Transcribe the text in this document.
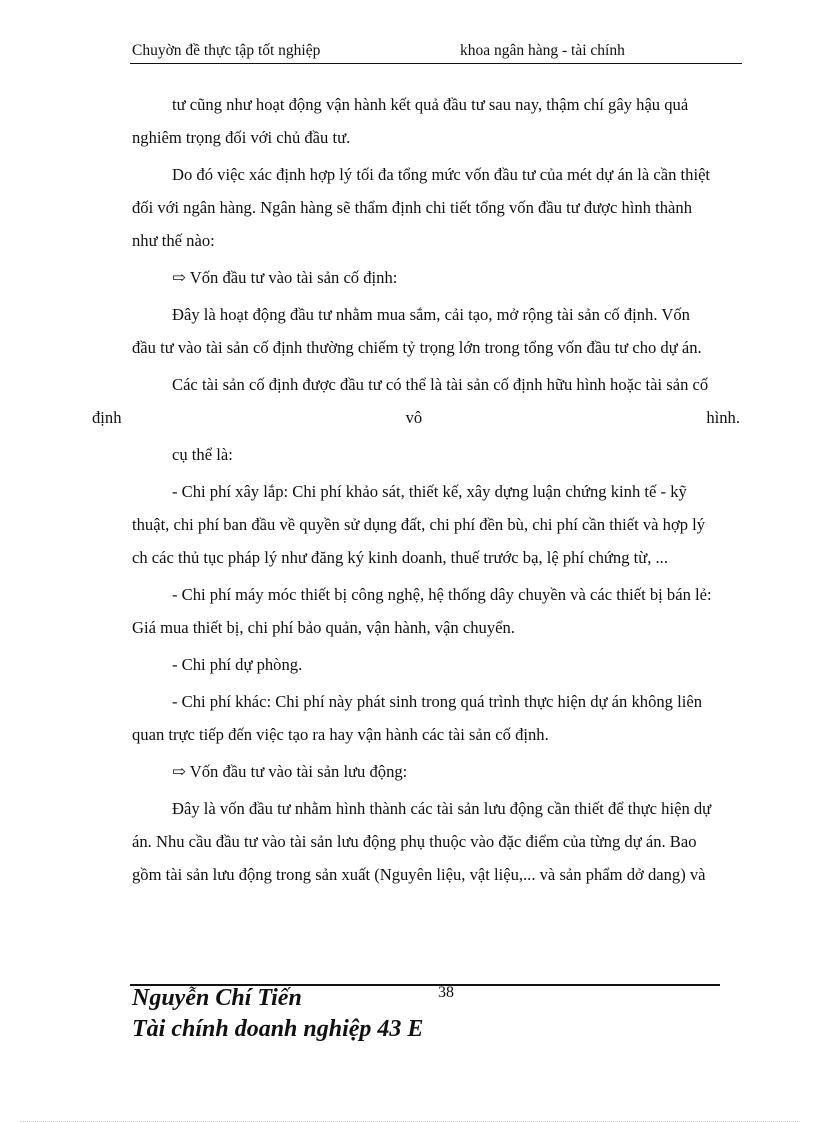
Chuyờn đề thực tập tốt nghiệp	khoa ngân hàng - tài chính

tư cũng như hoạt động vận hành kết quả đầu tư sau nay, thậm chí gây hậu quả
nghiêm trọng đối với chủ đầu tư.

Do đó việc xác định hợp lý tối đa tổng mức vốn đầu tư của mét dự án là cần thiệt
đối với ngân hàng. Ngân hàng sẽ thẩm định chi tiết tổng vốn đầu tư được hình thành
như thế nào:

⇨ Vốn đầu tư vào tài sản cố định:

Đây là hoạt động đầu tư nhằm mua sắm, cải tạo, mở rộng tài sản cố định. Vốn
đầu tư vào tài sản cố định thường chiếm tỷ trọng lớn trong tổng vốn đầu tư cho dự án.

Các tài sản cố định được đầu tư có thể là tài sản cố định hữu hình hoặc tài sản cố
định	vô	hình.

cụ thể là:

- Chi phí xây lắp: Chi phí khảo sát, thiết kế, xây dựng luận chứng kinh tế - kỹ
thuật, chi phí ban đầu về quyền sử dụng đất, chi phí đền bù, chi phí cần thiết và hợp lý
ch các thủ tục pháp lý như đăng ký kinh doanh, thuế trước bạ, lệ phí chứng từ, ...

- Chi phí máy móc thiết bị công nghệ, hệ thống dây chuyền và các thiết bị bán lẻ:
Giá mua thiết bị, chi phí bảo quản, vận hành, vận chuyển.

- Chi phí dự phòng.

- Chi phí khác: Chi phí này phát sinh trong quá trình thực hiện dự án không liên
quan trực tiếp đến việc tạo ra hay vận hành các tài sản cố định.

⇨ Vốn đầu tư vào tài sản lưu động:

Đây là vốn đầu tư nhằm hình thành các tài sản lưu động cần thiết để thực hiện dự
án. Nhu cầu đầu tư vào tài sản lưu động phụ thuộc vào đặc điểm của từng dự án. Bao
gồm tài sản lưu động trong sản xuất (Nguyên liệu, vật liệu,... và sản phẩm dở dang) và

38
Nguyễn Chí Tiến
Tài chính doanh nghiệp 43 E
